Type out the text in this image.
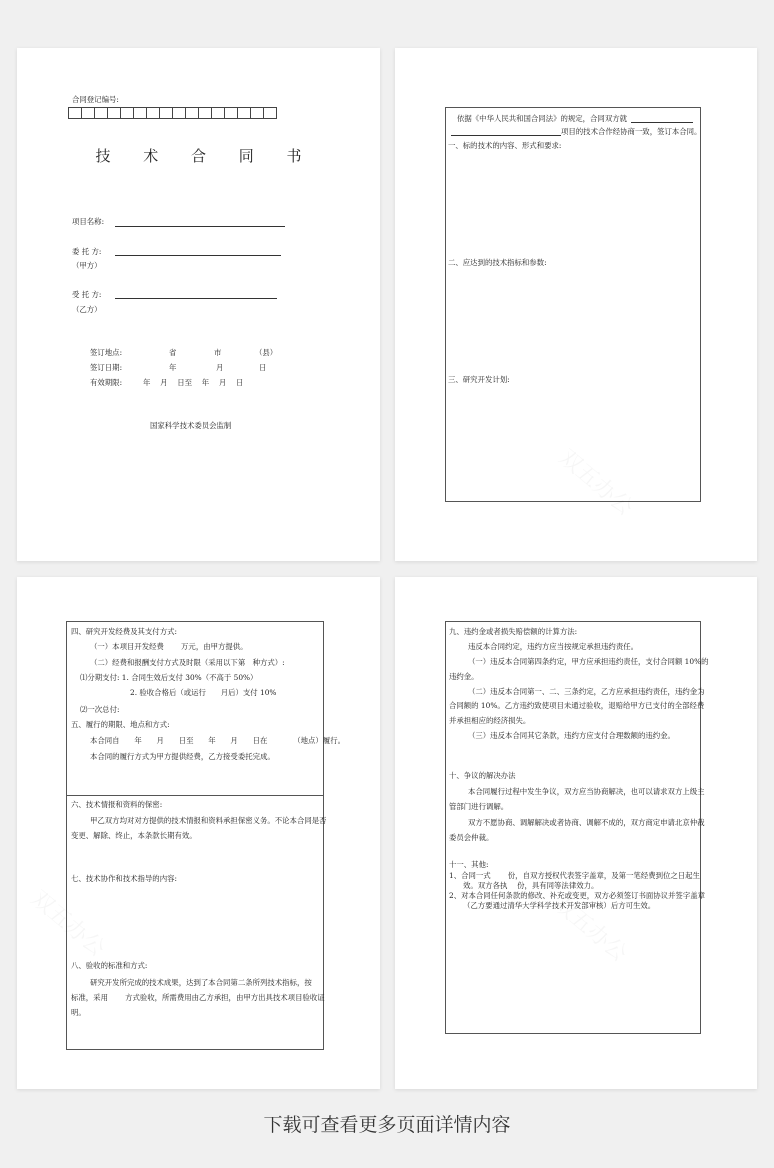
合同登记编号:
技 术 合 同 书
项目名称:
委 托 方:
（甲方）
受 托 方:
（乙方）
签订地点:	省	市	（县）
签订日期:	年	月	日
有效期限:	年　 月　 日至　 年　 月　 日
国家科学技术委员会监制
依据《中华人民共和国合同法》的规定，合同双方就
项目的技术合作经协商一致，签订本合同。
一、标的技术的内容、形式和要求:
二、应达到的技术指标和参数:
三、研究开发计划:
四、研究开发经费及其支付方式:
（一）本项目开发经费　　 万元，由甲方提供。
（二）经费和报酬支付方式及时限（采用以下第　种方式）:
⑴分期支付: 1. 合同生效后支付 30%（不高于 50%）
2. 验收合格后（或运行　　月后）支付 10%
⑵一次总付:
五、履行的期限、地点和方式:
本合同自　　年　　月　　日至　　年　　月　　日在　　　　（地点）履行。
本合同的履行方式为甲方提供经费，乙方接受委托完成。
六、技术情报和资料的保密:
甲乙双方均对对方提供的技术情报和资料承担保密义务。不论本合同是否
变更、解除、终止，本条款长期有效。
七、技术协作和技术指导的内容:
八、验收的标准和方式:
研究开发所完成的技术成果，达到了本合同第二条所列技术指标，按
标准，采用　　 方式验收，所需费用由乙方承担，由甲方出具技术项目验收证
明。
九、违约金或者损失赔偿额的计算方法:
违反本合同约定，违约方应当按规定承担违约责任。
（一）违反本合同第四条约定，甲方应承担违约责任，支付合同额 10%的
违约金。
（二）违反本合同第一、二、三条约定，乙方应承担违约责任，违约金为
合同额的 10%。乙方违约致使项目未通过验收，退赔给甲方已支付的全部经费
并承担相应的经济损失。
（三）违反本合同其它条款，违约方应支付合理数额的违约金。
十、争议的解决办法
本合同履行过程中发生争议，双方应当协商解决，也可以请求双方上级主
管部门进行调解。
双方不愿协商、调解解决或者协商、调解不成的，双方商定申请北京仲裁
委员会仲裁。
十一、其他:
1、合同一式　　 份，自双方授权代表签字盖章，及第一笔经费到位之日起生
效。双方各执　 份，具有同等法律效力。
2、对本合同任何条款的修改、补充或变更，双方必须签订书面协议并签字盖章
（乙方要通过清华大学科学技术开发部审核）后方可生效。
下载可查看更多页面详情内容
